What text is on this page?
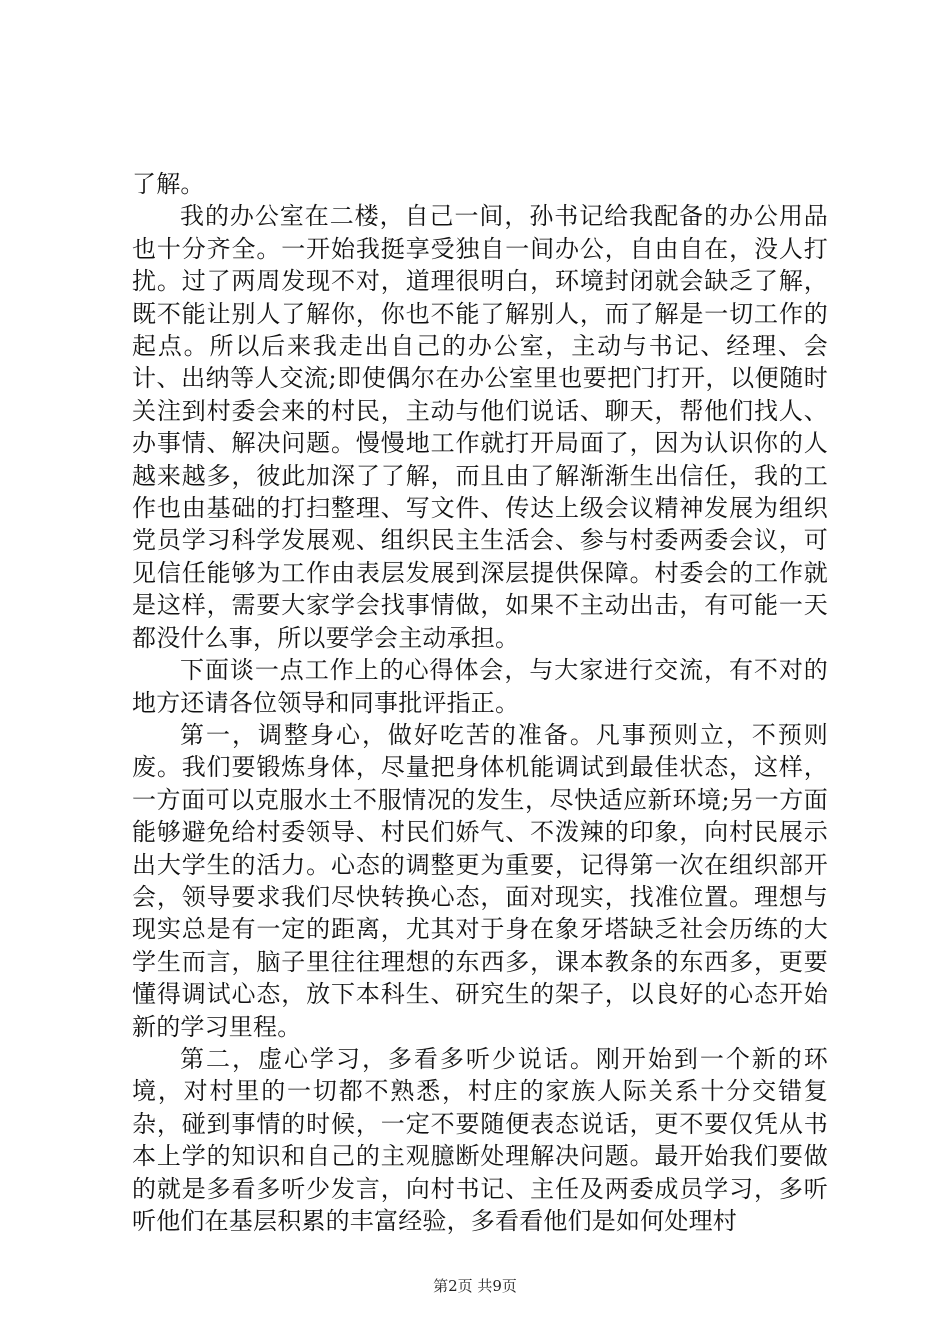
了解。

我的办公室在二楼，自己一间，孙书记给我配备的办公用品也十分齐全。一开始我挺享受独自一间办公，自由自在，没人打扰。过了两周发现不对，道理很明白，环境封闭就会缺乏了解，既不能让别人了解你，你也不能了解别人，而了解是一切工作的起点。所以后来我走出自己的办公室，主动与书记、经理、会计、出纳等人交流;即使偶尔在办公室里也要把门打开，以便随时关注到村委会来的村民，主动与他们说话、聊天，帮他们找人、办事情、解决问题。慢慢地工作就打开局面了，因为认识你的人越来越多，彼此加深了了解，而且由了解渐渐生出信任，我的工作也由基础的打扫整理、写文件、传达上级会议精神发展为组织党员学习科学发展观、组织民主生活会、参与村委两委会议，可见信任能够为工作由表层发展到深层提供保障。村委会的工作就是这样，需要大家学会找事情做，如果不主动出击，有可能一天都没什么事，所以要学会主动承担。

下面谈一点工作上的心得体会，与大家进行交流，有不对的地方还请各位领导和同事批评指正。

第一，调整身心，做好吃苦的准备。凡事预则立，不预则废。我们要锻炼身体，尽量把身体机能调试到最佳状态，这样，一方面可以克服水土不服情况的发生，尽快适应新环境;另一方面能够避免给村委领导、村民们娇气、不泼辣的印象，向村民展示出大学生的活力。心态的调整更为重要，记得第一次在组织部开会，领导要求我们尽快转换心态，面对现实，找准位置。理想与现实总是有一定的距离，尤其对于身在象牙塔缺乏社会历练的大学生而言，脑子里往往理想的东西多，课本教条的东西多，更要懂得调试心态，放下本科生、研究生的架子，以良好的心态开始新的学习里程。

第二，虚心学习，多看多听少说话。刚开始到一个新的环境，对村里的一切都不熟悉，村庄的家族人际关系十分交错复杂，碰到事情的时候，一定不要随便表态说话，更不要仅凭从书本上学的知识和自己的主观臆断处理解决问题。最开始我们要做的就是多看多听少发言，向村书记、主任及两委成员学习，多听听他们在基层积累的丰富经验，多看看他们是如何处理村

第2页 共9页
